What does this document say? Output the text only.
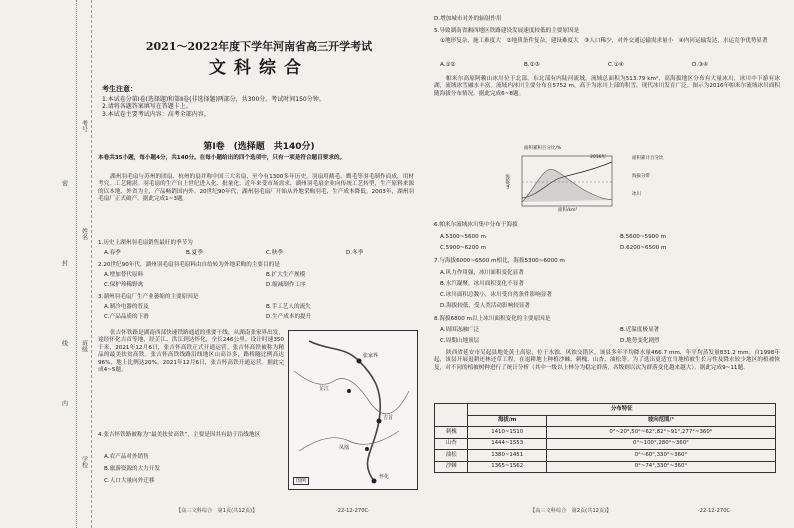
考号
姓名
班级
学校
密
封
线
内
2021～2022年度下学年河南省高三开学考试
文科综合
考生注意：
1.本试卷分第Ⅰ卷(选择题)和第Ⅱ卷(非选择题)两部分，共300分。考试时间150分钟。
2.请将各题答案填写在答题卡上。
3.本试卷主要考试内容：高考全部内容。
第Ⅰ卷　(选择题　共140分)
本卷共35小题，每小题4分，共140分。在每小题给出的四个选项中，只有一项是符合题目要求的。
湖州羽毛扇与苏州的团扇、杭州的扇并称中国三大名扇，至今有1300多年历史，羽扇用鹅毛、鹰毛等羽毛制作而成，用材考究，工艺精湛。羽毛扇的生产自上世纪进入化、批量化，近年来受市场需求，湖州羽毛扇企业向传统工艺转型，生产原料来源的以本地、外省为主，产品畅销国内外。20世纪90年代，湖州羽毛扇厂开始从外地采购羽毛，生产成本降低。2003年，湖州羽毛扇厂正式破产。据此完成1~3题。
1.历史上湖州羽毛扇销售最旺的季节为
A.春季	B.夏季	C.秋季	D.冬季
2.20世纪90年代，湖州羽毛扇羽毛原料由自给转为外地采购的主要目的是
A.增加替代原料	B.扩大生产规模
C.保护珍稀野禽	D.缩减制作工序
3.湖州羽毛扇厂生产业萎缩的主要原因是
A.制冷电器的普及	B.手工艺人的流失
C.产品品质的下滑	D.生产成本的提升
张吉怀铁路是湖南西部快速铁路通道的重要干线，从湖南张家界出发，途经怀化吉首等地，经芷江、洪江到达怀化，全长246公里，设计时速350千米，2021年12月6日，张吉怀高铁正式开通运营。张吉怀高铁被称为精品的最美扶贫高铁。张吉怀高铁线路沿线地区山高谷多，路桥隧比例高达96%，地上比例达20%。2021年12月6日，张吉怀高铁开通运营。据此完成4~5题。
4.张吉怀铁路被称为“最美扶贫高铁”，主要是因其有助于沿线地区
A.农产品对外销售
B.旅游资源的大力开发
C.人口大量向外迁移
张家界
吉首
怀化
芷江
凤凰
图例
【高三文科综合　第1页(共12页)】	·22-12-270C·
D.增加城市对外的辐射作用
5.导致湖南省湘西地区铁路建设发展速度较低的主要原因是
①地形复杂，施工难度大　②地质条件复杂，建设难度大　③人口稀少，对外交通运输需求量小　④内河运输发达，水运竞争优势显著
A.①②	B.②③	C.①④	D.③④
帕米尔高原阿赖山冰川位于北部，东北部有内陆河流域，流域总面积为513.79 km²，高海拔地区分布有大量冰川，冰川中下游有冰湖，流域冰雪融水丰富。流域内冰川主要分布在5752 m，高于为冰川上部的积雪，现代冰川发育广泛。图示为2016年帕米尔流域冰川面积随海拔分布情况。据此完成6~8题。
面积累积百分比/%
海拔/m
面积/km²
2016年	面积累计百分比
海拔分带
冰川
6.帕米尔流域冰川集中分布于海拔
A.5300~5600 m	B.5600~5900 m
C.5900~6200 m	D.6200~6500 m
7.与海拔6000~6500 m相比，海拔5300~6000 m
A.风力作用强，冰川面积变化显著
B.水汽凝聚，冰川面积变化不显著
C.冰川面积总数小，冰川受自然条件影响显著
D.海拔较低，受人类活动影响较显著
8.海拔6800 m以上冰川面积变化的主要原因是
A.周围冻融广泛	B.近温度极显著
C.周期山地顶层	D.地势变化剧烈
陕西省延安市吴起县地处黄土高原，位于水蚀、风蚀交错区，该县多年平均降水量466.7 mm，年平均蒸发量831.2 mm。自1998年起，该县开展退耕还林还草工程，在退耕地上种植沙棘、刺槐、山杏、油松等。为了选出更适宜当地植被生长习性及降水较少地区的植被恢复，对不同的植被树种进行了统计分析（其中一级以上林分为稳定群落，各级则以次为群落变化越来越大）。据此完成9~11题。
	分布特征	
	海拔/m	坡向范围/°
刺槐	1410~1510	0°~20°,50°~62°,82°~91°,277°~360°
山杏	1444~1553	0°~100°,280°~360°
油松	1380~1451	0°~60°,330°~360°
沙棘	1365~1562	0°~74°,330°~360°
【高三文科综合　第2页(共12页)】	·22-12-270C·
